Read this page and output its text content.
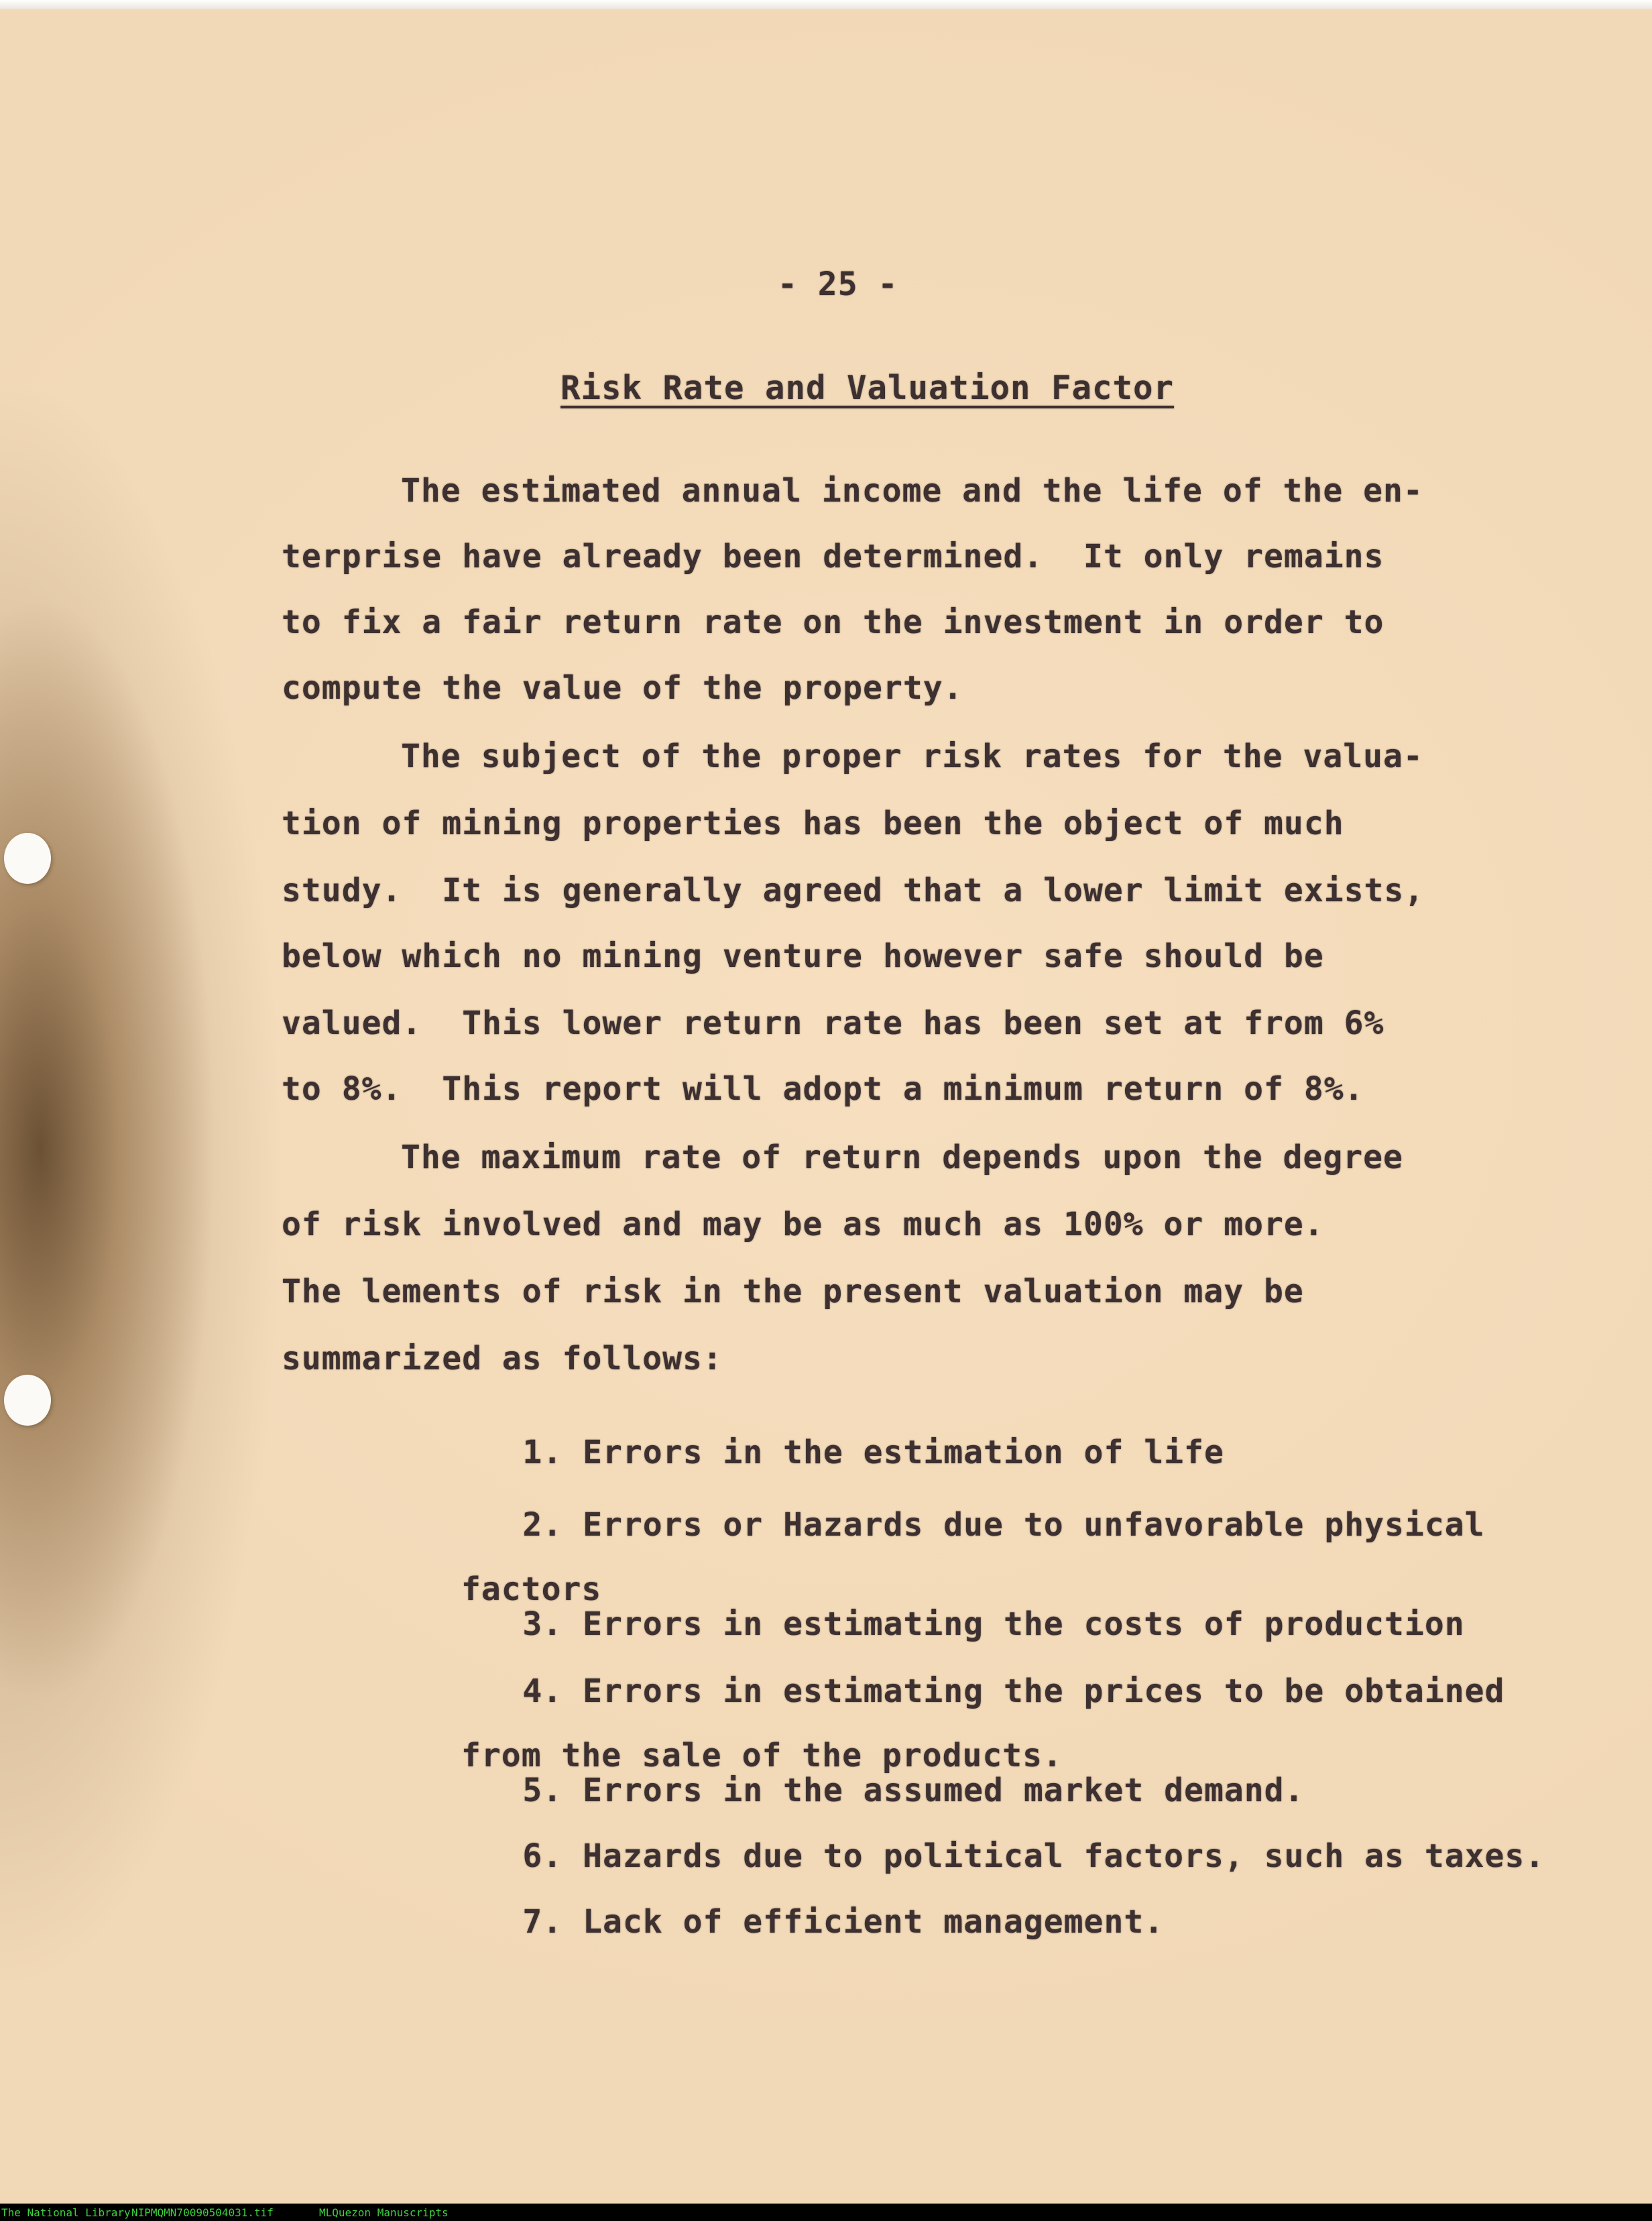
- 25 -

Risk Rate and Valuation Factor

The estimated annual income and the life of the en-

terprise have already been determined.  It only remains

to fix a fair return rate on the investment in order to

compute the value of the property.

The subject of the proper risk rates for the valua-

tion of mining properties has been the object of much

study.  It is generally agreed that a lower limit exists,

below which no mining venture however safe should be

valued.  This lower return rate has been set at from 6%

to 8%.  This report will adopt a minimum return of 8%.

The maximum rate of return depends upon the degree

of risk involved and may be as much as 100% or more.

The lements of risk in the present valuation may be

summarized as follows:

1. Errors in the estimation of life

2. Errors or Hazards due to unfavorable physical

factors

3. Errors in estimating the costs of production

4. Errors in estimating the prices to be obtained

from the sale of the products.

5. Errors in the assumed market demand.

6. Hazards due to political factors, such as taxes.

7. Lack of efficient management.

The National Library NIPMQMN70090504031.tif	MLQuezon Manuscripts
